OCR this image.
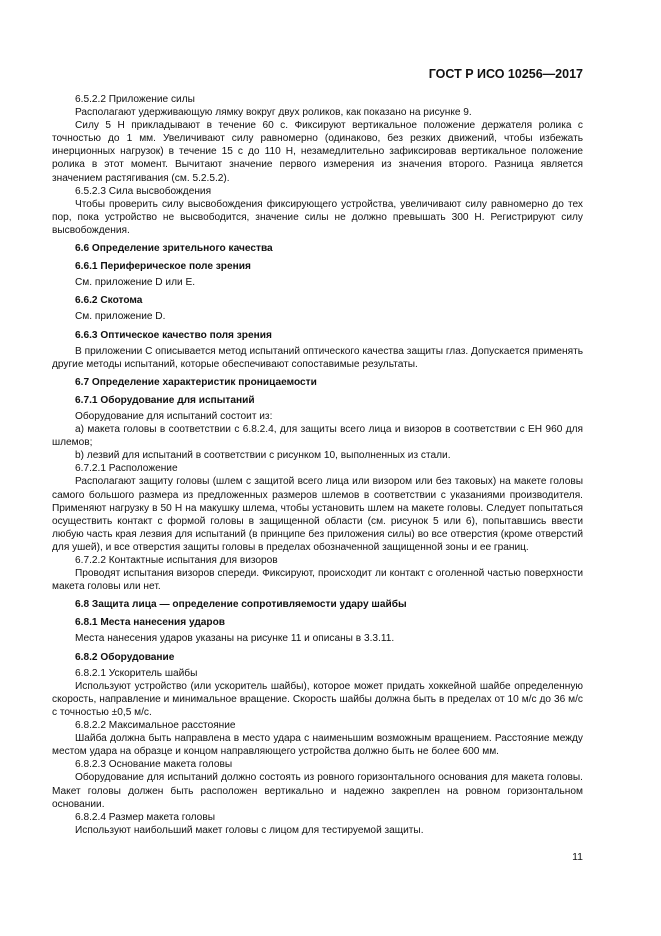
ГОСТ Р ИСО 10256—2017

6.5.2.2 Приложение силы

Располагают удерживающую лямку вокруг двух роликов, как показано на рисунке 9.

Силу 5 Н прикладывают в течение 60 с. Фиксируют вертикальное положение держателя ролика с точностью до 1 мм. Увеличивают силу равномерно (одинаково, без резких движений, чтобы избежать инерционных нагрузок) в течение 15 с до 110 Н, незамедлительно зафиксировав вертикальное положение ролика в этот момент. Вычитают значение первого измерения из значения второго. Разница является значением растягивания (см. 5.2.5.2).

6.5.2.3 Сила высвобождения

Чтобы проверить силу высвобождения фиксирующего устройства, увеличивают силу равномерно до тех пор, пока устройство не высвободится, значение силы не должно превышать 300 Н. Регистрируют силу высвобождения.

6.6 Определение зрительного качества

6.6.1 Периферическое поле зрения

См. приложение D или E.

6.6.2 Скотома

См. приложение D.

6.6.3 Оптическое качество поля зрения

В приложении C описывается метод испытаний оптического качества защиты глаз. Допускается применять другие методы испытаний, которые обеспечивают сопоставимые результаты.

6.7 Определение характеристик проницаемости

6.7.1 Оборудование для испытаний

Оборудование для испытаний состоит из:

a) макета головы в соответствии с 6.8.2.4, для защиты всего лица и визоров в соответствии с EH 960 для шлемов;

b) лезвий для испытаний в соответствии с рисунком 10, выполненных из стали.

6.7.2.1 Расположение

Располагают защиту головы (шлем с защитой всего лица или визором или без таковых) на макете головы самого большого размера из предложенных размеров шлемов в соответствии с указаниями производителя. Применяют нагрузку в 50 Н на макушку шлема, чтобы установить шлем на макете головы. Следует попытаться осуществить контакт с формой головы в защищенной области (см. рисунок 5 или 6), попытавшись ввести любую часть края лезвия для испытаний (в принципе без приложения силы) во все отверстия (кроме отверстий для ушей), и все отверстия защиты головы в пределах обозначенной защищенной зоны и ее границ.

6.7.2.2 Контактные испытания для визоров

Проводят испытания визоров спереди. Фиксируют, происходит ли контакт с оголенной частью поверхности макета головы или нет.

6.8 Защита лица — определение сопротивляемости удару шайбы

6.8.1 Места нанесения ударов

Места нанесения ударов указаны на рисунке 11 и описаны в 3.3.11.

6.8.2 Оборудование

6.8.2.1 Ускоритель шайбы

Используют устройство (или ускоритель шайбы), которое может придать хоккейной шайбе определенную скорость, направление и минимальное вращение. Скорость шайбы должна быть в пределах от 10 м/с до 36 м/с с точностью ±0,5 м/с.

6.8.2.2 Максимальное расстояние

Шайба должна быть направлена в место удара с наименьшим возможным вращением. Расстояние между местом удара на образце и концом направляющего устройства должно быть не более 600 мм.

6.8.2.3 Основание макета головы

Оборудование для испытаний должно состоять из ровного горизонтального основания для макета головы. Макет головы должен быть расположен вертикально и надежно закреплен на ровном горизонтальном основании.

6.8.2.4 Размер макета головы

Используют наибольший макет головы с лицом для тестируемой защиты.

11
